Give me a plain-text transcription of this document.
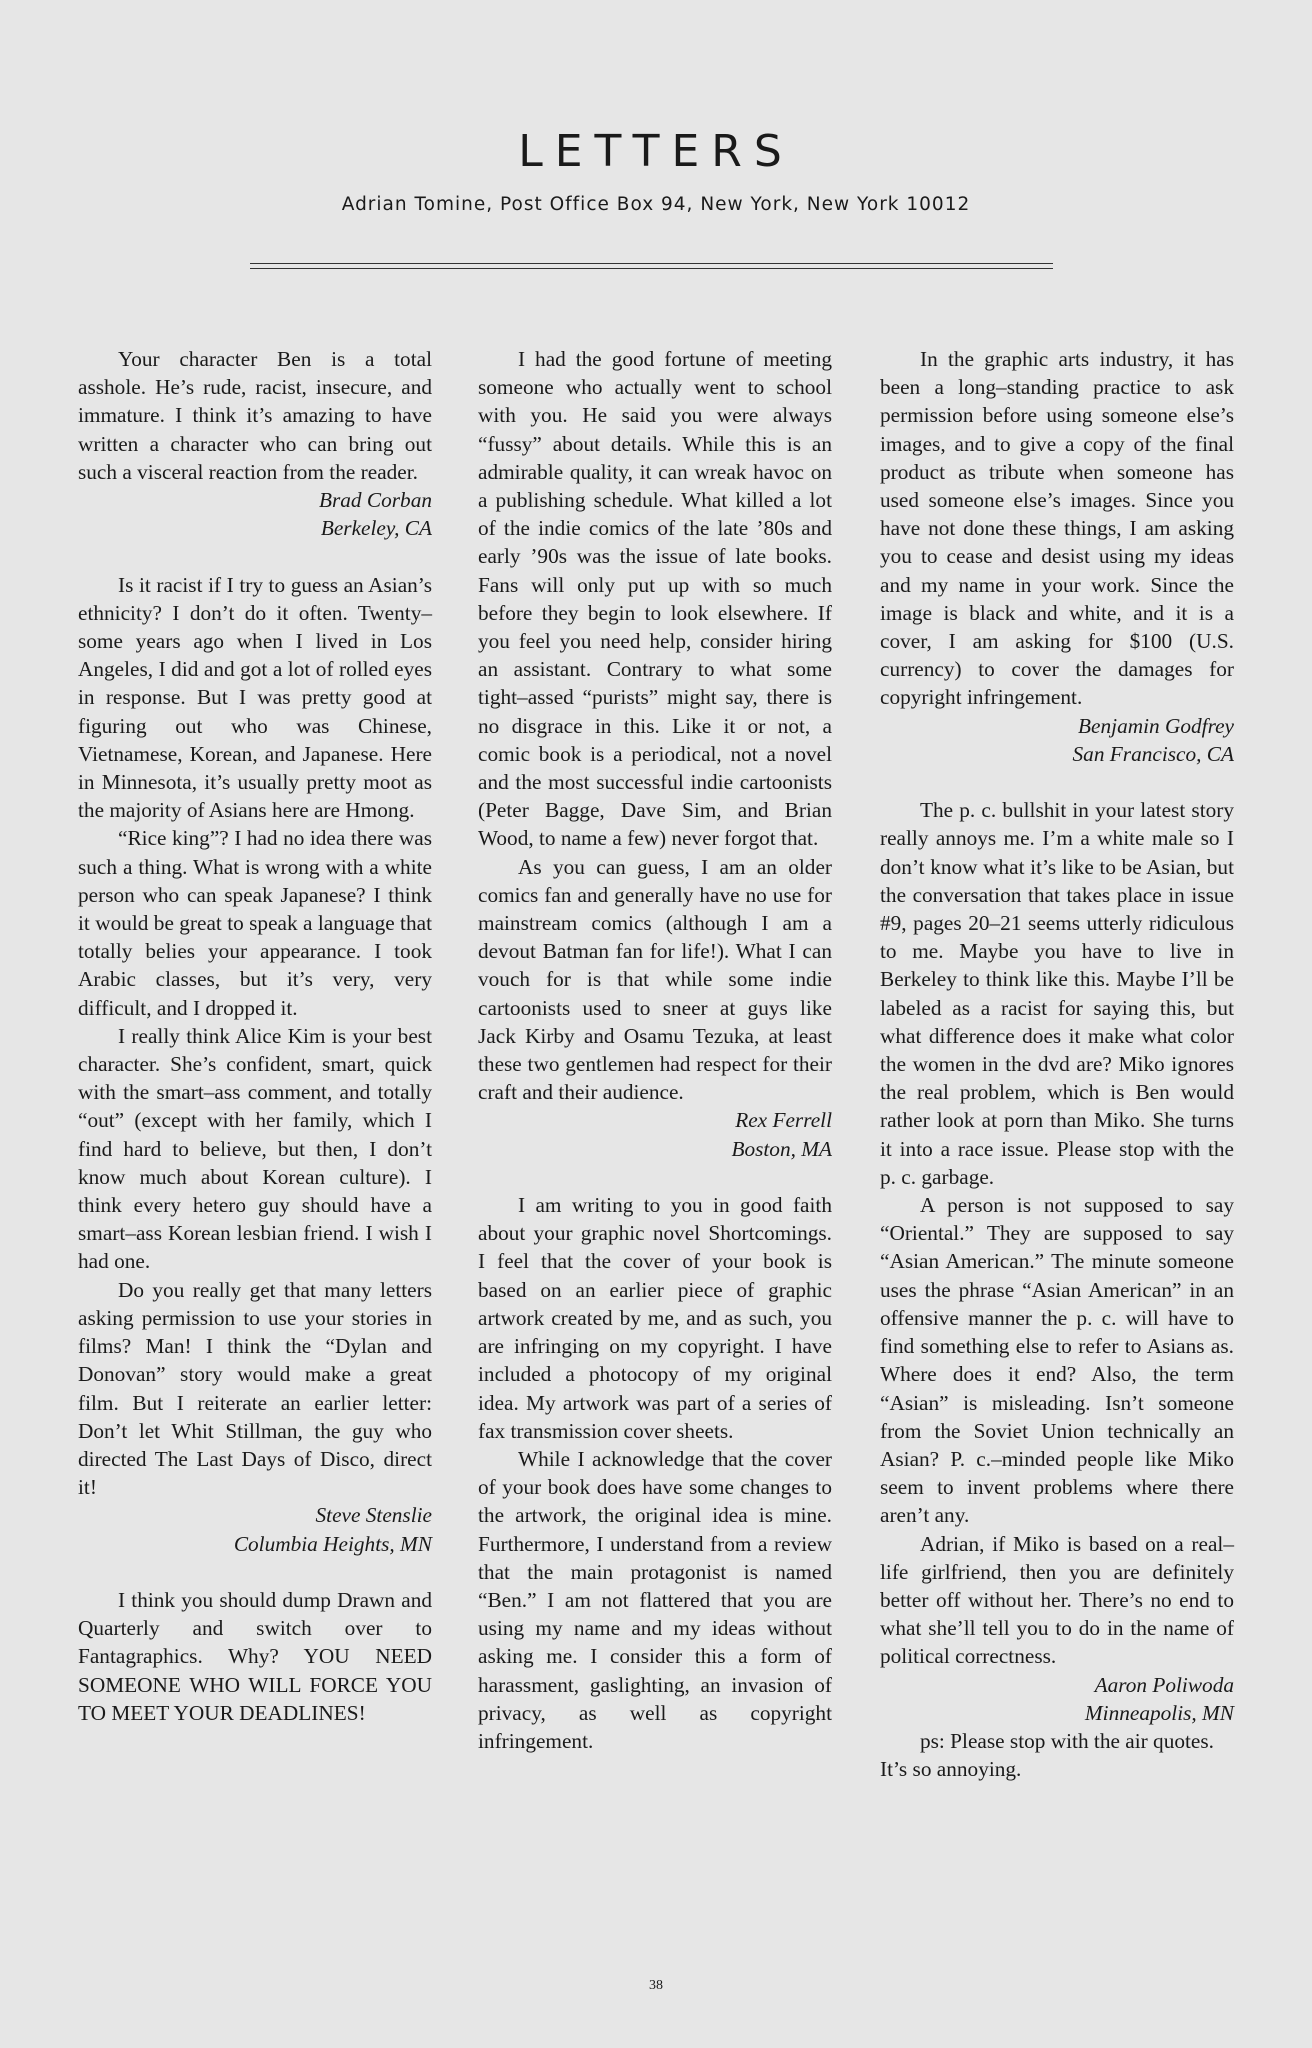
LETTERS

Adrian Tomine, Post Office Box 94, New York, New York 10012

Your character Ben is a total asshole. He’s rude, racist, insecure, and immature. I think it’s amazing to have written a character who can bring out such a visceral reaction from the reader.

Brad Corban

Berkeley, CA

Is it racist if I try to guess an Asian’s ethnicity? I don’t do it often. Twenty–some years ago when I lived in Los Angeles, I did and got a lot of rolled eyes in response. But I was pretty good at figuring out who was Chinese, Vietnamese, Korean, and Japanese. Here in Minnesota, it’s usually pretty moot as the majority of Asians here are Hmong.

“Rice king”? I had no idea there was such a thing. What is wrong with a white person who can speak Japanese? I think it would be great to speak a language that totally belies your appearance. I took Arabic classes, but it’s very, very difficult, and I dropped it.

I really think Alice Kim is your best character. She’s confident, smart, quick with the smart–ass comment, and totally “out” (except with her family, which I find hard to believe, but then, I don’t know much about Korean culture). I think every hetero guy should have a smart–ass Korean lesbian friend. I wish I had one.

Do you really get that many letters asking permission to use your stories in films? Man! I think the “Dylan and Donovan” story would make a great film. But I reiterate an earlier letter: Don’t let Whit Stillman, the guy who directed The Last Days of Disco, direct it!

Steve Stenslie

Columbia Heights, MN

I think you should dump Drawn and Quarterly and switch over to Fantagraphics. Why? YOU NEED SOMEONE WHO WILL FORCE YOU TO MEET YOUR DEADLINES!

I had the good fortune of meeting someone who actually went to school with you. He said you were always “fussy” about details. While this is an admirable quality, it can wreak havoc on a publishing schedule. What killed a lot of the indie comics of the late ’80s and early ’90s was the issue of late books. Fans will only put up with so much before they begin to look elsewhere. If you feel you need help, consider hiring an assistant. Contrary to what some tight–assed “purists” might say, there is no disgrace in this. Like it or not, a comic book is a periodical, not a novel and the most successful indie cartoonists (Peter Bagge, Dave Sim, and Brian Wood, to name a few) never forgot that.

As you can guess, I am an older comics fan and generally have no use for mainstream comics (although I am a devout Batman fan for life!). What I can vouch for is that while some indie cartoonists used to sneer at guys like Jack Kirby and Osamu Tezuka, at least these two gentlemen had respect for their craft and their audience.

Rex Ferrell

Boston, MA

I am writing to you in good faith about your graphic novel Shortcomings. I feel that the cover of your book is based on an earlier piece of graphic artwork created by me, and as such, you are infringing on my copyright. I have included a photocopy of my original idea. My artwork was part of a series of fax transmission cover sheets.

While I acknowledge that the cover of your book does have some changes to the artwork, the original idea is mine. Furthermore, I understand from a review that the main protagonist is named “Ben.” I am not flattered that you are using my name and my ideas without asking me. I consider this a form of harassment, gaslighting, an invasion of privacy, as well as copyright infringement.

In the graphic arts industry, it has been a long–standing practice to ask permission before using someone else’s images, and to give a copy of the final product as tribute when someone has used someone else’s images. Since you have not done these things, I am asking you to cease and desist using my ideas and my name in your work. Since the image is black and white, and it is a cover, I am asking for $100 (U.S. currency) to cover the damages for copyright infringement.

Benjamin Godfrey

San Francisco, CA

The p. c. bullshit in your latest story really annoys me. I’m a white male so I don’t know what it’s like to be Asian, but the conversation that takes place in issue #9, pages 20–21 seems utterly ridiculous to me. Maybe you have to live in Berkeley to think like this. Maybe I’ll be labeled as a racist for saying this, but what difference does it make what color the women in the dvd are? Miko ignores the real problem, which is Ben would rather look at porn than Miko. She turns it into a race issue. Please stop with the p. c. garbage.

A person is not supposed to say “Oriental.” They are supposed to say “Asian American.” The minute someone uses the phrase “Asian American” in an offensive manner the p. c. will have to find something else to refer to Asians as. Where does it end? Also, the term “Asian” is misleading. Isn’t someone from the Soviet Union technically an Asian? P. c.–minded people like Miko seem to invent problems where there aren’t any.

Adrian, if Miko is based on a real–life girlfriend, then you are definitely better off without her. There’s no end to what she’ll tell you to do in the name of political correctness.

Aaron Poliwoda

Minneapolis, MN

ps: Please stop with the air quotes. It’s so annoying.

38
